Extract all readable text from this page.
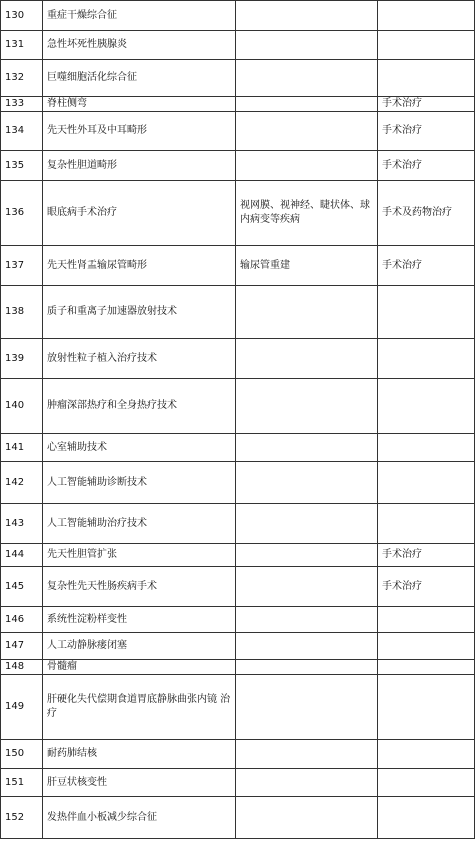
130	重症干燥综合征		
131	急性坏死性胰腺炎		
132	巨噬细胞活化综合征		
133	脊柱侧弯		手术治疗
134	先天性外耳及中耳畸形		手术治疗
135	复杂性胆道畸形		手术治疗
136	眼底病手术治疗	视网膜、视神经、睫状体、球 内病变等疾病	手术及药物治疗
137	先天性肾盂输尿管畸形	输尿管重建	手术治疗
138	质子和重离子加速器放射技术		
139	放射性粒子植入治疗技术		
140	肿瘤深部热疗和全身热疗技术		
141	心室辅助技术		
142	人工智能辅助诊断技术		
143	人工智能辅助治疗技术		
144	先天性胆管扩张		手术治疗
145	复杂性先天性肠疾病手术		手术治疗
146	系统性淀粉样变性		
147	人工动静脉瘘闭塞		
148	骨髓瘤		
149	肝硬化失代偿期食道胃底静脉曲张内镜 治疗		
150	耐药肺结核		
151	肝豆状核变性		
152	发热伴血小板减少综合征		
